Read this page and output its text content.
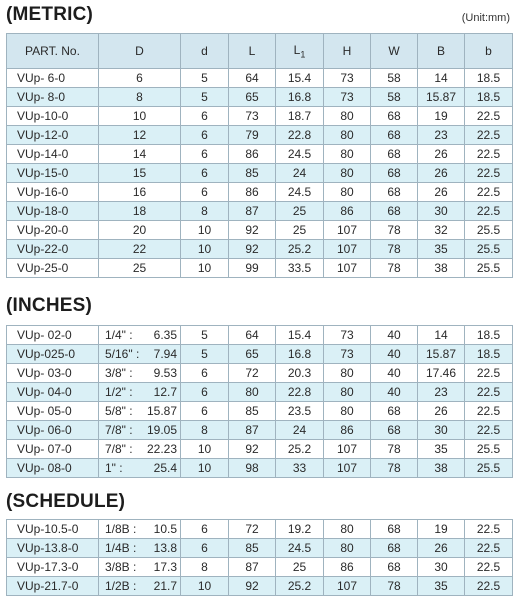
(METRIC)	(Unit:mm)
PART. No.	D	d	L	$L_1$	H	W	B	b
VUp- 6-0	6	5	64	15.4	73	58	14	18.5
VUp- 8-0	8	5	65	16.8	73	58	15.87	18.5
VUp-10-0	10	6	73	18.7	80	68	19	22.5
VUp-12-0	12	6	79	22.8	80	68	23	22.5
VUp-14-0	14	6	86	24.5	80	68	26	22.5
VUp-15-0	15	6	85	24	80	68	26	22.5
VUp-16-0	16	6	86	24.5	80	68	26	22.5
VUp-18-0	18	8	87	25	86	68	30	22.5
VUp-20-0	20	10	92	25	107	78	32	25.5
VUp-22-0	22	10	92	25.2	107	78	35	25.5
VUp-25-0	25	10	99	33.5	107	78	38	25.5
(INCHES)
VUp- 02-0	1/4" : 6.35	5	64	15.4	73	40	14	18.5
VUp-025-0	5/16" : 7.94	5	65	16.8	73	40	15.87	18.5
VUp- 03-0	3/8" : 9.53	6	72	20.3	80	40	17.46	22.5
VUp- 04-0	1/2" : 12.7	6	80	22.8	80	40	23	22.5
VUp- 05-0	5/8" : 15.87	6	85	23.5	80	68	26	22.5
VUp- 06-0	7/8" : 19.05	8	87	24	86	68	30	22.5
VUp- 07-0	7/8" : 22.23	10	92	25.2	107	78	35	25.5
VUp- 08-0	1" : 25.4	10	98	33	107	78	38	25.5
(SCHEDULE)
VUp-10.5-0	1/8B : 10.5	6	72	19.2	80	68	19	22.5
VUp-13.8-0	1/4B : 13.8	6	85	24.5	80	68	26	22.5
VUp-17.3-0	3/8B : 17.3	8	87	25	86	68	30	22.5
VUp-21.7-0	1/2B : 21.7	10	92	25.2	107	78	35	22.5
